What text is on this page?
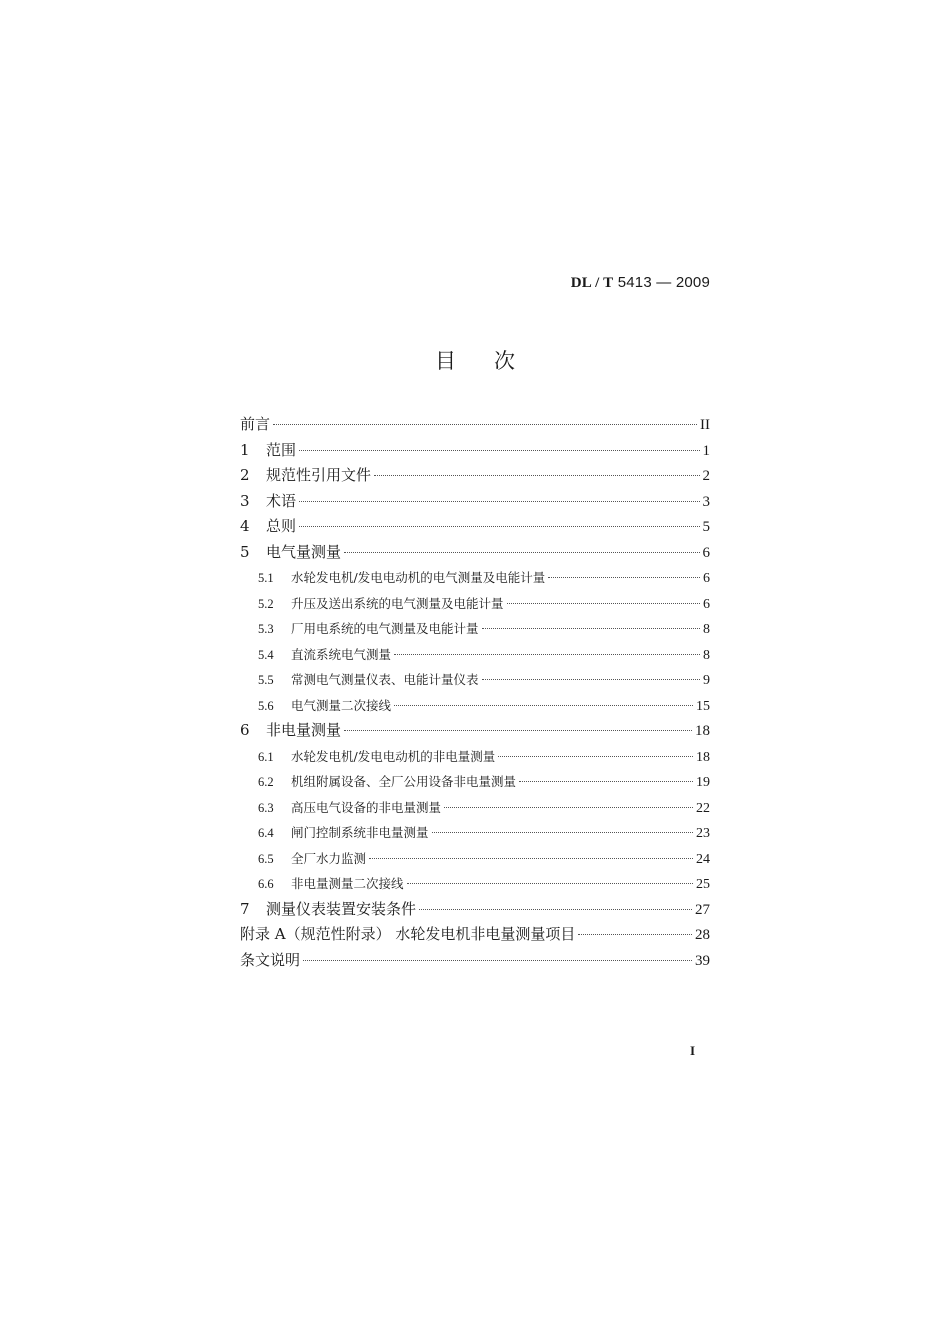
DL / T 5413 — 2009
目 次
前言	II
1	范围	1
2	规范性引用文件	2
3	术语	3
4	总则	5
5	电气量测量	6
5.1	水轮发电机/发电电动机的电气测量及电能计量	6
5.2	升压及送出系统的电气测量及电能计量	6
5.3	厂用电系统的电气测量及电能计量	8
5.4	直流系统电气测量	8
5.5	常测电气测量仪表、电能计量仪表	9
5.6	电气测量二次接线	15
6	非电量测量	18
6.1	水轮发电机/发电电动机的非电量测量	18
6.2	机组附属设备、全厂公用设备非电量测量	19
6.3	高压电气设备的非电量测量	22
6.4	闸门控制系统非电量测量	23
6.5	全厂水力监测	24
6.6	非电量测量二次接线	25
7	测量仪表装置安装条件	27
附录 A（规范性附录） 水轮发电机非电量测量项目	28
条文说明	39
I
